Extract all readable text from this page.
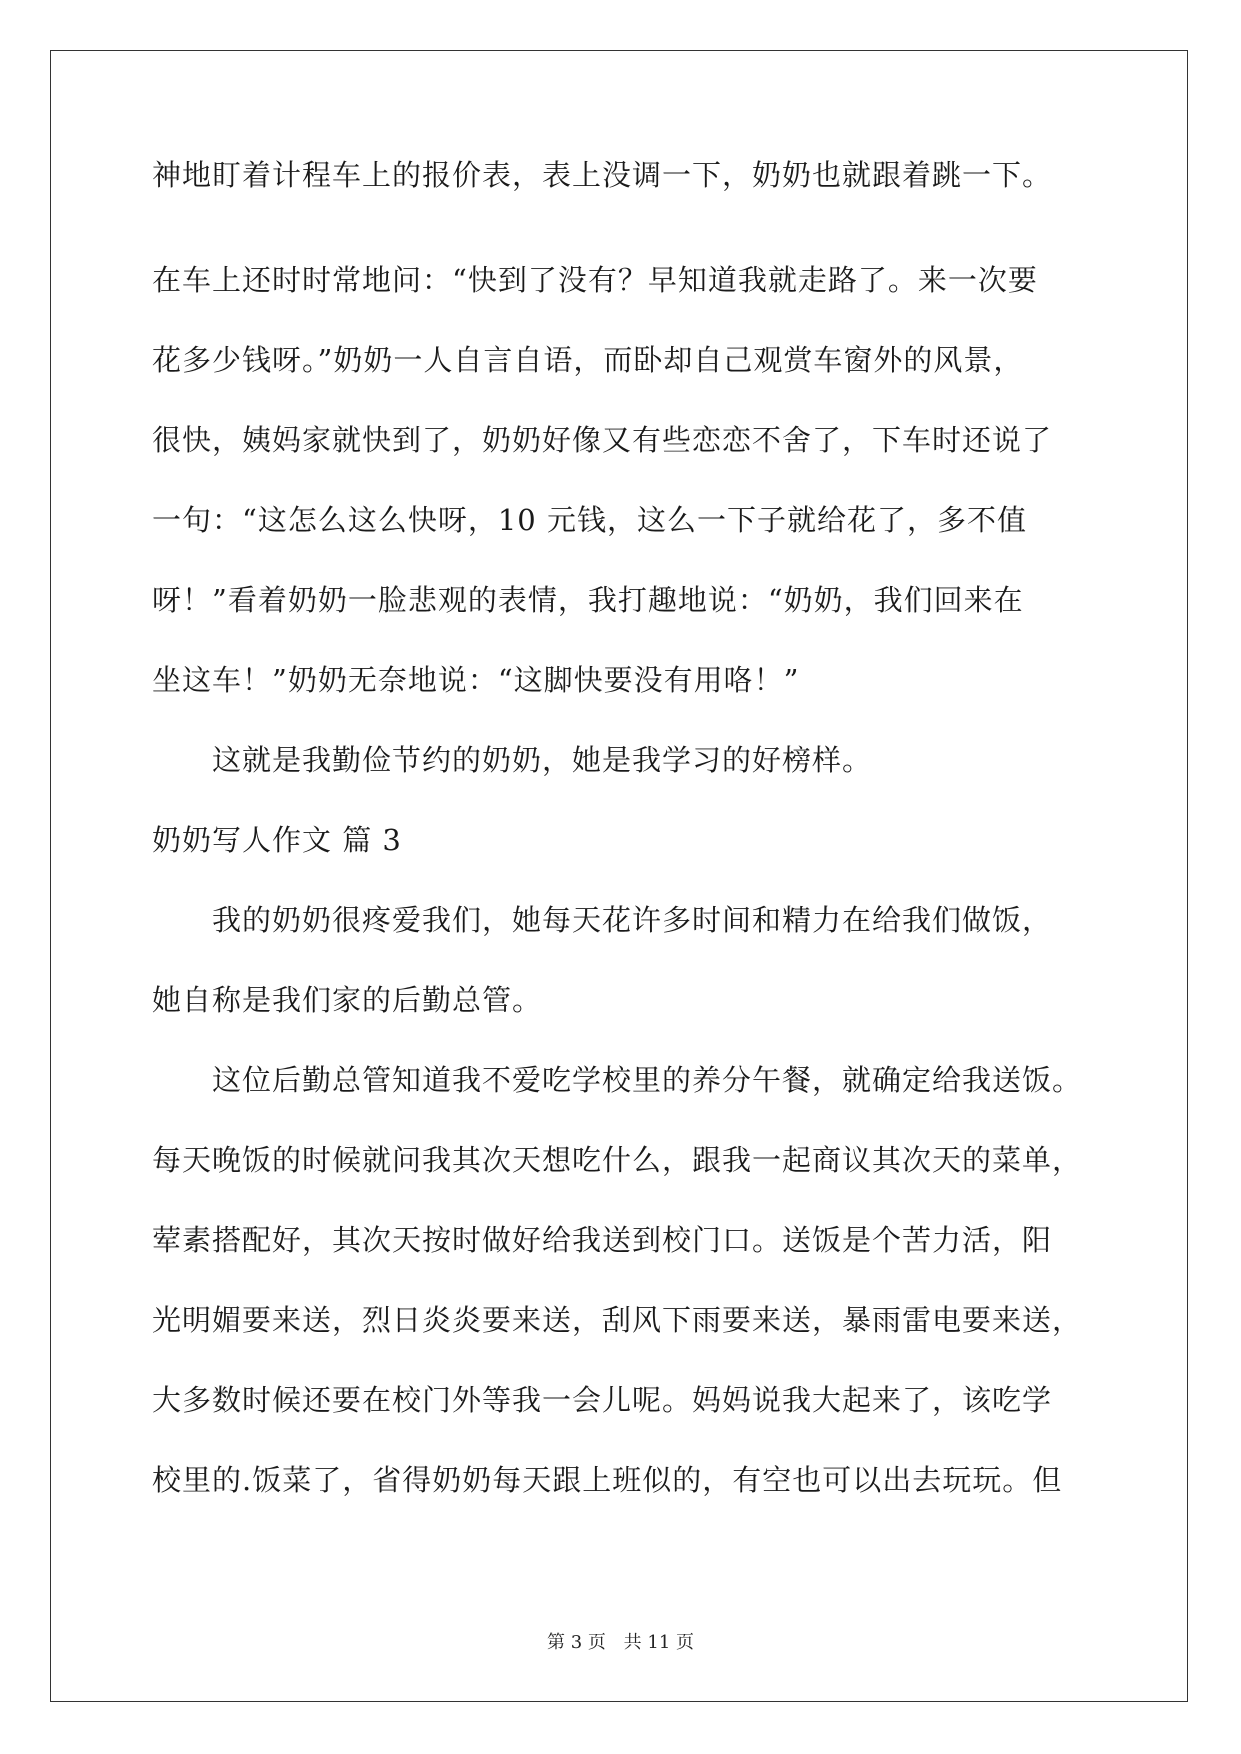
神地盯着计程车上的报价表，表上没调一下，奶奶也就跟着跳一下。

在车上还时时常地问：“快到了没有？早知道我就走路了。来一次要

花多少钱呀。”奶奶一人自言自语，而卧却自己观赏车窗外的风景，

很快，姨妈家就快到了，奶奶好像又有些恋恋不舍了，下车时还说了

一句：“这怎么这么快呀，10 元钱，这么一下子就给花了，多不值

呀！”看着奶奶一脸悲观的表情，我打趣地说：“奶奶，我们回来在

坐这车！”奶奶无奈地说：“这脚快要没有用咯！”

这就是我勤俭节约的奶奶，她是我学习的好榜样。

奶奶写人作文 篇 3

我的奶奶很疼爱我们，她每天花许多时间和精力在给我们做饭，

她自称是我们家的后勤总管。

这位后勤总管知道我不爱吃学校里的养分午餐，就确定给我送饭。

每天晚饭的时候就问我其次天想吃什么，跟我一起商议其次天的菜单，

荤素搭配好，其次天按时做好给我送到校门口。送饭是个苦力活，阳

光明媚要来送，烈日炎炎要来送，刮风下雨要来送，暴雨雷电要来送，

大多数时候还要在校门外等我一会儿呢。妈妈说我大起来了，该吃学

校里的.饭菜了，省得奶奶每天跟上班似的，有空也可以出去玩玩。但

第 3 页 共 11 页
